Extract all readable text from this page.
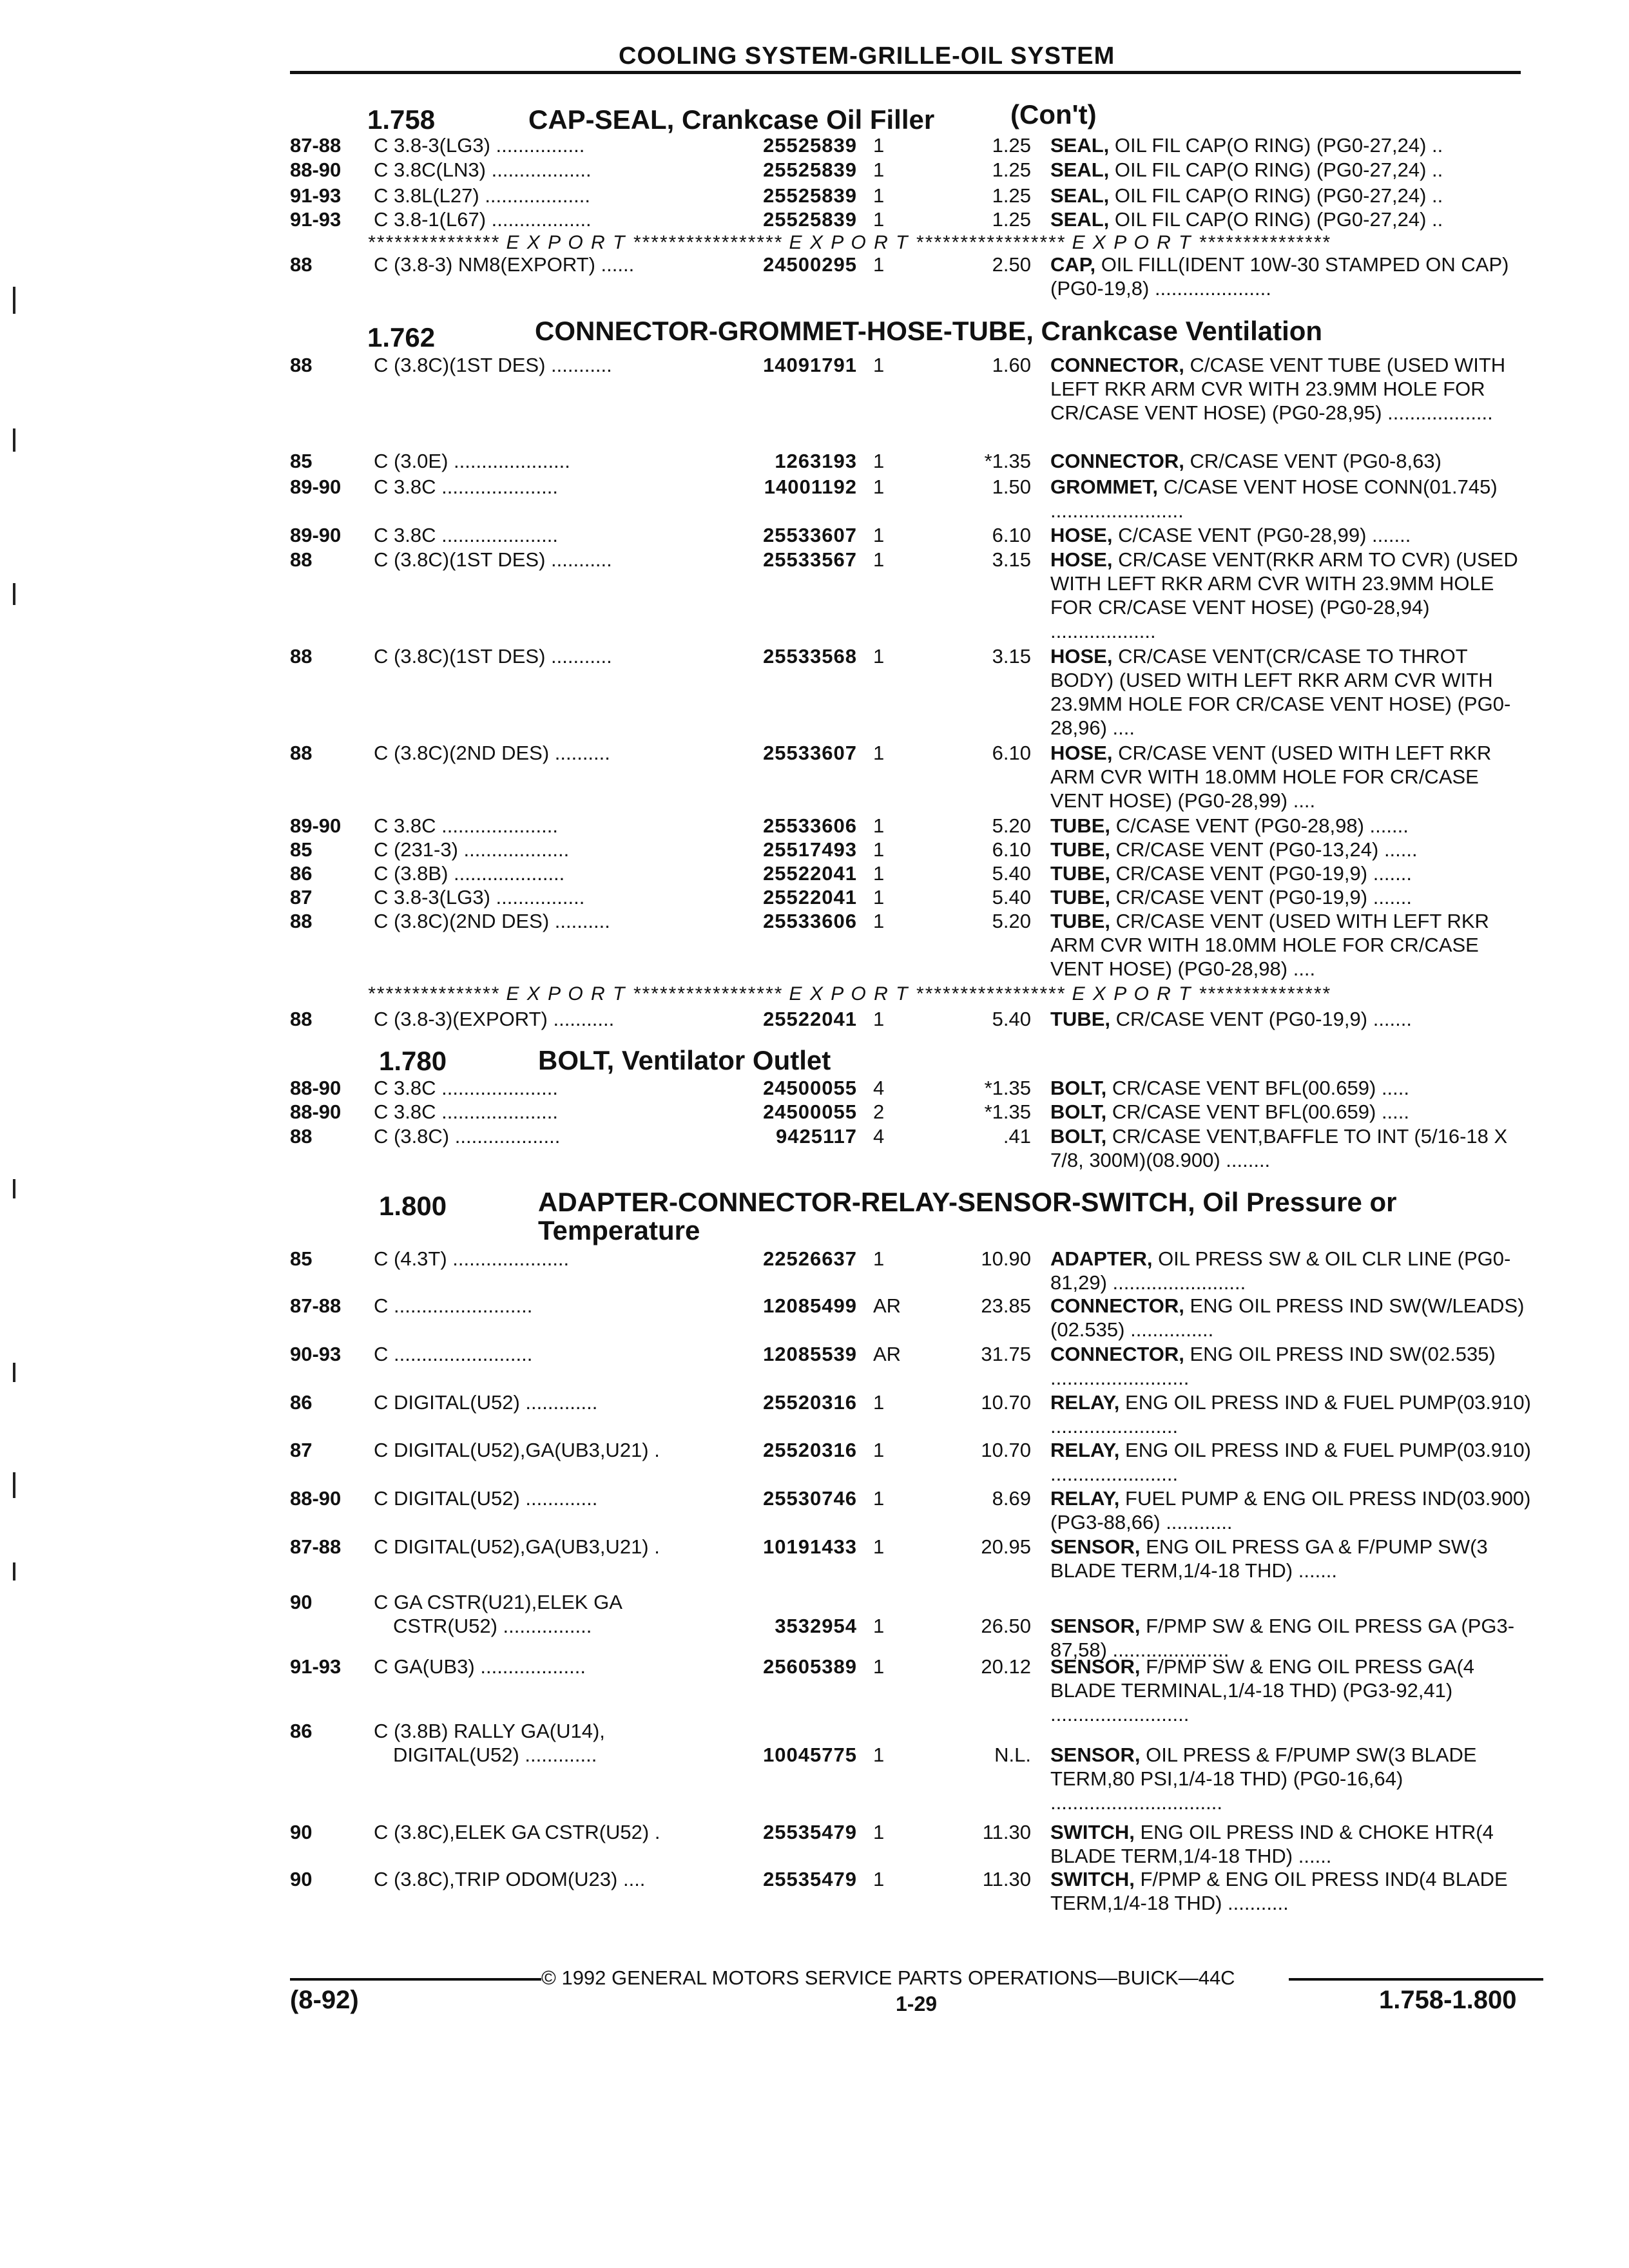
COOLING SYSTEM-GRILLE-OIL SYSTEM
1.758	CAP-SEAL, Crankcase Oil Filler	(Con't)
87-88 C 3.8-3(LG3) ................	25525839 1	1.25 SEAL, OIL FIL CAP(O RING) (PG0-27,24) ..
88-90 C 3.8C(LN3) ..................	25525839 1	1.25 SEAL, OIL FIL CAP(O RING) (PG0-27,24) ..
91-93 C 3.8L(L27) ...................	25525839 1	1.25 SEAL, OIL FIL CAP(O RING) (PG0-27,24) ..
91-93 C 3.8-1(L67) ..................	25525839 1	1.25 SEAL, OIL FIL CAP(O RING) (PG0-27,24) ..
*************** E X P O R T ***************** E X P O R T ***************** E X P O R T ***************
88	C (3.8-3) NM8(EXPORT) ......	24500295 1	2.50 CAP, OIL FILL(IDENT 10W-30 STAMPED ON CAP) (PG0-19,8) .....................
1.762	CONNECTOR-GROMMET-HOSE-TUBE, Crankcase Ventilation
88	C (3.8C)(1ST DES) ...........	14091791 1	1.60 CONNECTOR, C/CASE VENT TUBE (USED WITH LEFT RKR ARM CVR WITH 23.9MM HOLE FOR CR/CASE VENT HOSE) (PG0-28,95) ...................
85	C (3.0E) .....................	1263193 1	*1.35 CONNECTOR, CR/CASE VENT (PG0-8,63)
89-90 C 3.8C .....................	14001192 1	1.50 GROMMET, C/CASE VENT HOSE CONN(01.745) ........................
89-90 C 3.8C .....................	25533607 1	6.10 HOSE, C/CASE VENT (PG0-28,99) .......
88	C (3.8C)(1ST DES) ...........	25533567 1	3.15 HOSE, CR/CASE VENT(RKR ARM TO CVR) (USED WITH LEFT RKR ARM CVR WITH 23.9MM HOLE FOR CR/CASE VENT HOSE) (PG0-28,94) ...................
88	C (3.8C)(1ST DES) ...........	25533568 1	3.15 HOSE, CR/CASE VENT(CR/CASE TO THROT BODY) (USED WITH LEFT RKR ARM CVR WITH 23.9MM HOLE FOR CR/CASE VENT HOSE) (PG0-28,96) ....
88	C (3.8C)(2ND DES) ..........	25533607 1	6.10 HOSE, CR/CASE VENT (USED WITH LEFT RKR ARM CVR WITH 18.0MM HOLE FOR CR/CASE VENT HOSE) (PG0-28,99) ....
89-90 C 3.8C .....................	25533606 1	5.20 TUBE, C/CASE VENT (PG0-28,98) .......
85	C (231-3) ...................	25517493 1	6.10 TUBE, CR/CASE VENT (PG0-13,24) ......
86	C (3.8B) ....................	25522041 1	5.40 TUBE, CR/CASE VENT (PG0-19,9) .......
87	C 3.8-3(LG3) ................	25522041 1	5.40 TUBE, CR/CASE VENT (PG0-19,9) .......
88	C (3.8C)(2ND DES) ..........	25533606 1	5.20 TUBE, CR/CASE VENT (USED WITH LEFT RKR ARM CVR WITH 18.0MM HOLE FOR CR/CASE VENT HOSE) (PG0-28,98) ....
*************** E X P O R T ***************** E X P O R T ***************** E X P O R T ***************
88	C (3.8-3)(EXPORT) ...........	25522041 1	5.40 TUBE, CR/CASE VENT (PG0-19,9) .......
1.780	BOLT, Ventilator Outlet
88-90 C 3.8C .....................	24500055 4	*1.35 BOLT, CR/CASE VENT BFL(00.659) .....
88-90 C 3.8C .....................	24500055 2	*1.35 BOLT, CR/CASE VENT BFL(00.659) .....
88	C (3.8C) ...................	9425117 4	.41 BOLT, CR/CASE VENT,BAFFLE TO INT (5/16-18 X 7/8, 300M)(08.900) ........
1.800	ADAPTER-CONNECTOR-RELAY-SENSOR-SWITCH, Oil Pressure or
Temperature
85	C (4.3T) .....................	22526637 1	10.90 ADAPTER, OIL PRESS SW & OIL CLR LINE (PG0-81,29) ........................
87-88 C .........................	12085499 AR	23.85 CONNECTOR, ENG OIL PRESS IND SW(W/LEADS)(02.535) ...............
90-93 C .........................	12085539 AR	31.75 CONNECTOR, ENG OIL PRESS IND SW(02.535) .........................
86	C DIGITAL(U52) .............	25520316 1	10.70 RELAY, ENG OIL PRESS IND & FUEL PUMP(03.910) .......................
87	C DIGITAL(U52),GA(UB3,U21) .	25520316 1	10.70 RELAY, ENG OIL PRESS IND & FUEL PUMP(03.910) .......................
88-90 C DIGITAL(U52) .............	25530746 1	8.69 RELAY, FUEL PUMP & ENG OIL PRESS IND(03.900) (PG3-88,66) ............
87-88 C DIGITAL(U52),GA(UB3,U21) .	10191433 1	20.95 SENSOR, ENG OIL PRESS GA & F/PUMP SW(3 BLADE TERM,1/4-18 THD) .......
90	C GA CSTR(U21),ELEK GA
CSTR(U52) ................	3532954 1	26.50 SENSOR, F/PMP SW & ENG OIL PRESS GA (PG3-87,58) .....................
91-93 C GA(UB3) ...................	25605389 1	20.12 SENSOR, F/PMP SW & ENG OIL PRESS GA(4 BLADE TERMINAL,1/4-18 THD) (PG3-92,41) .........................
86	C (3.8B) RALLY GA(U14),
DIGITAL(U52) .............	10045775 1	N.L. SENSOR, OIL PRESS & F/PUMP SW(3 BLADE TERM,80 PSI,1/4-18 THD) (PG0-16,64) ...............................
90	C (3.8C),ELEK GA CSTR(U52) .	25535479 1	11.30 SWITCH, ENG OIL PRESS IND & CHOKE HTR(4 BLADE TERM,1/4-18 THD) ......
90	C (3.8C),TRIP ODOM(U23) ....	25535479 1	11.30 SWITCH, F/PMP & ENG OIL PRESS IND(4 BLADE TERM,1/4-18 THD) ...........
© 1992 GENERAL MOTORS SERVICE PARTS OPERATIONS—BUICK—44C
(8-92)	1-29	1.758-1.800
